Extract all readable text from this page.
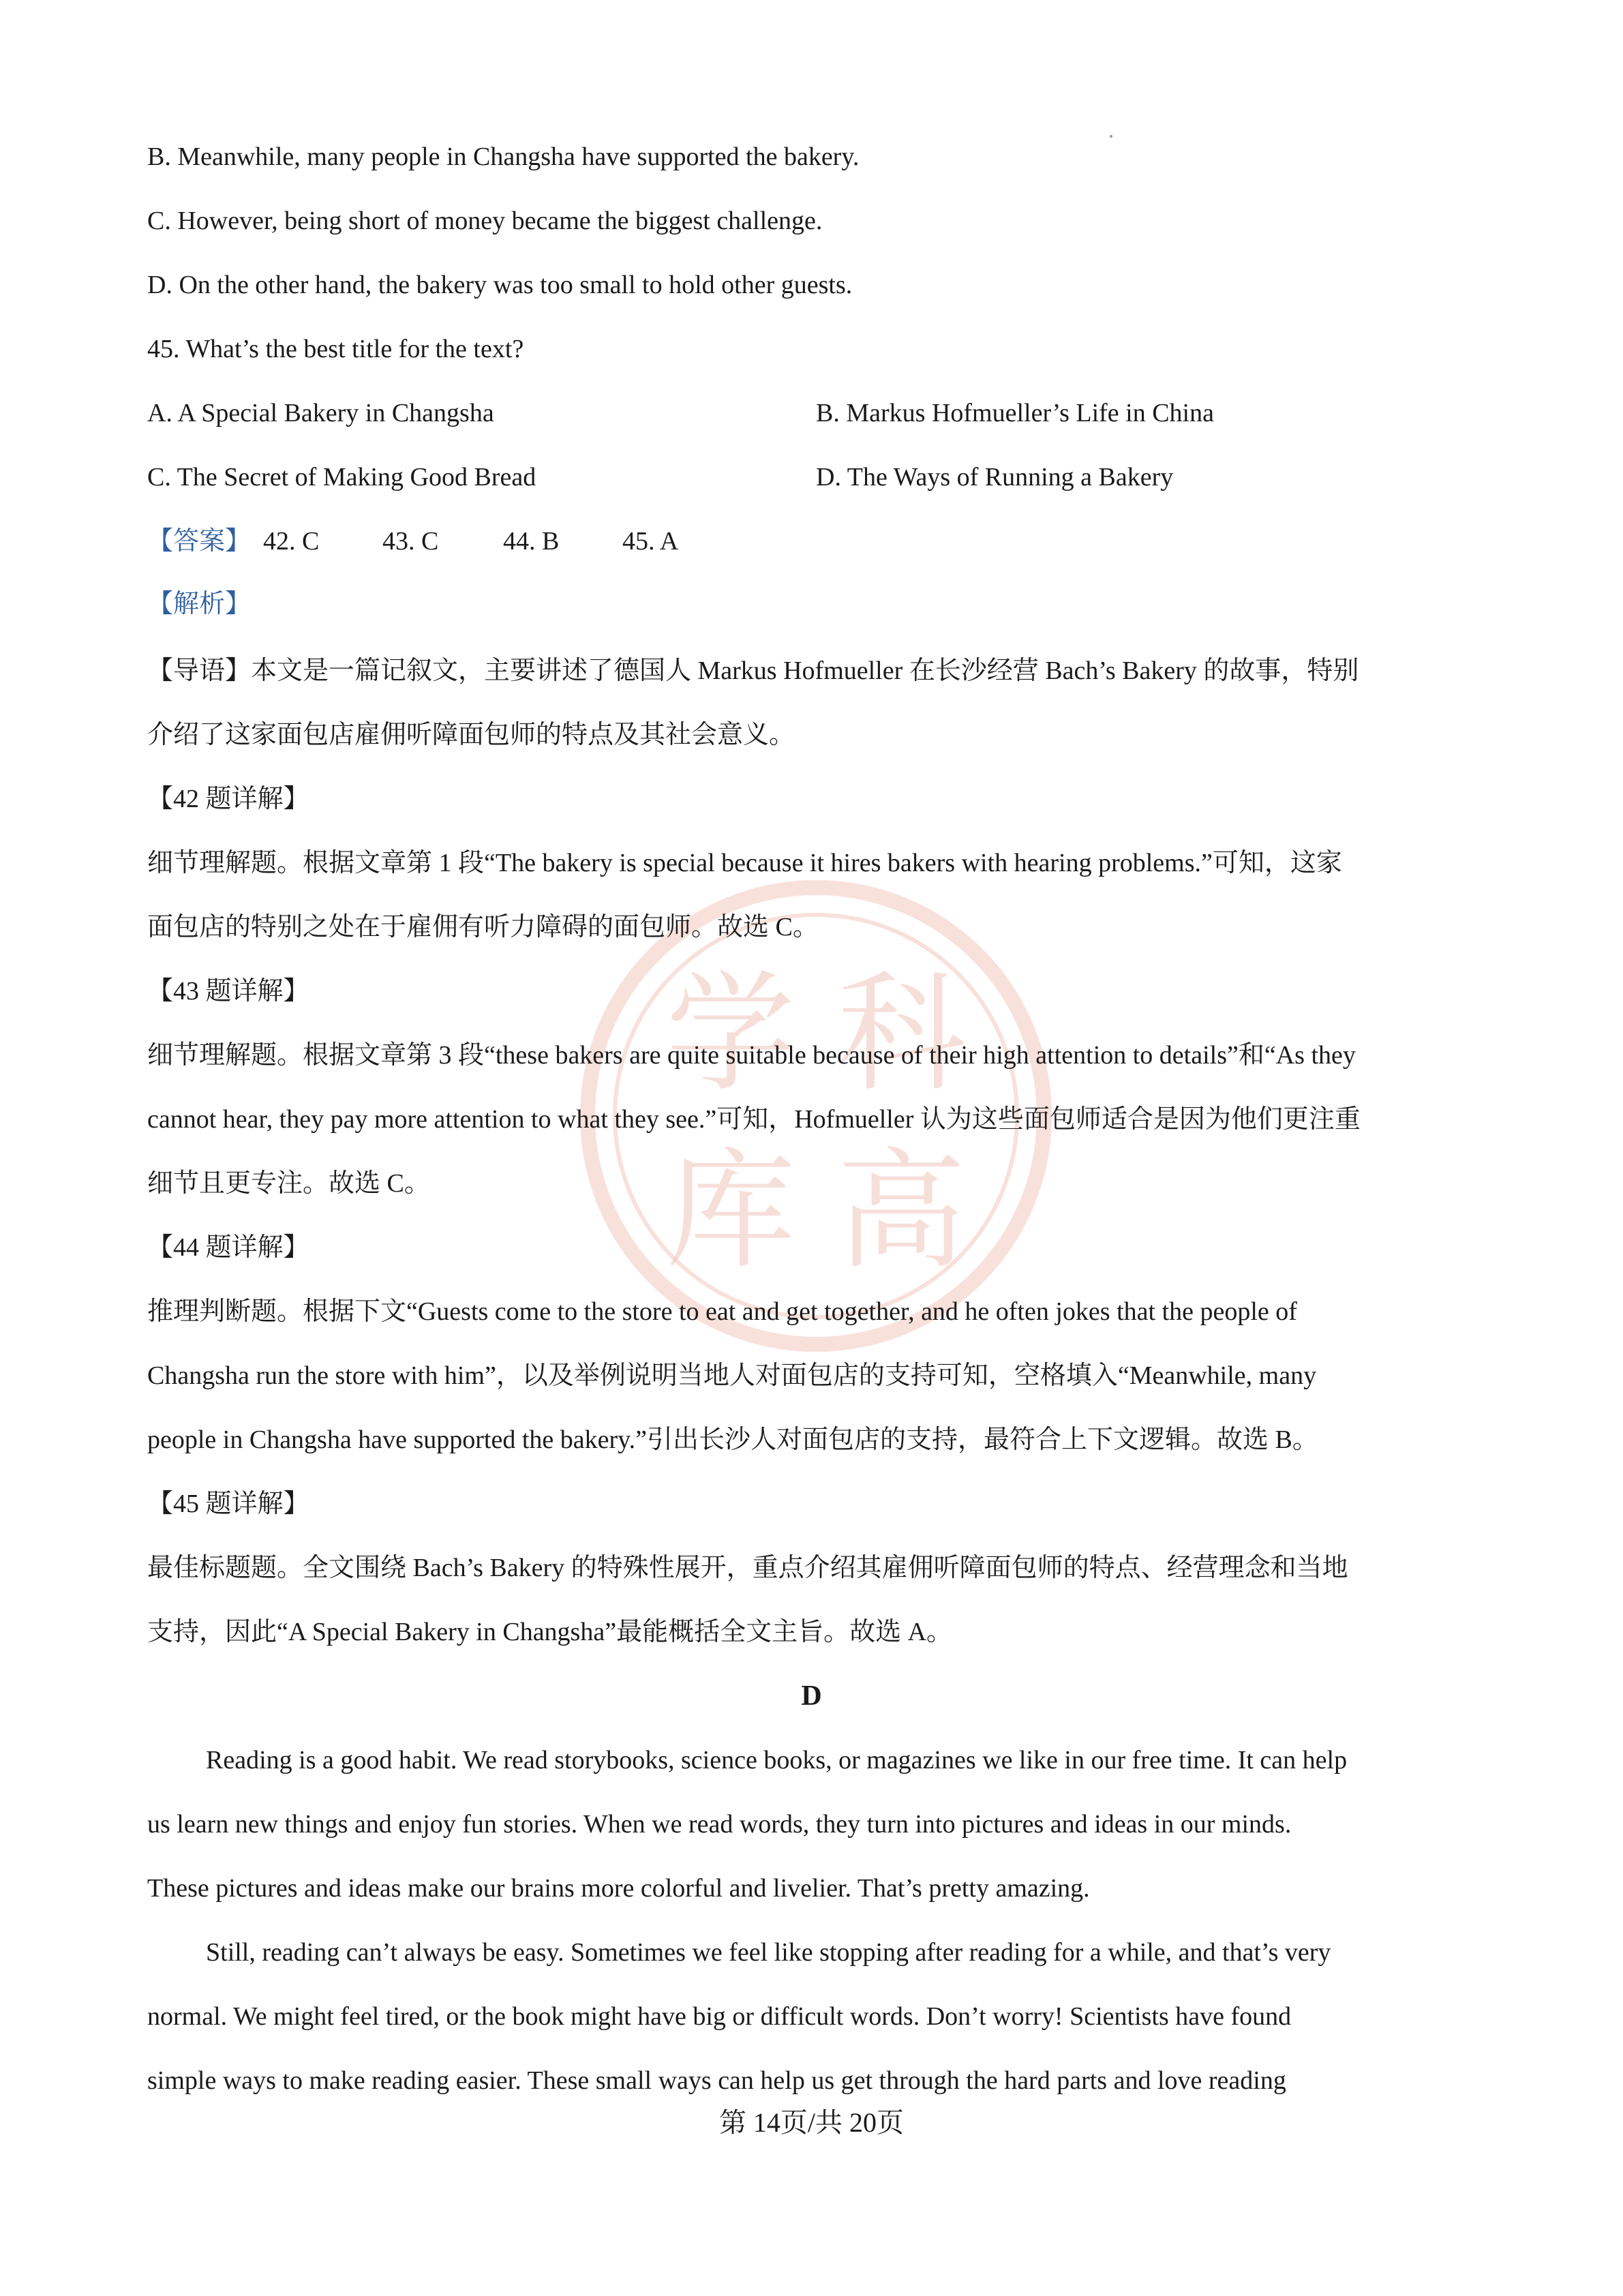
学 科
库 高

B. Meanwhile, many people in Changsha have supported the bakery.

C. However, being short of money became the biggest challenge.

D. On the other hand, the bakery was too small to hold other guests.

45. What’s the best title for the text?

A. A Special Bakery in Changsha	B. Markus Hofmueller’s Life in China

C. The Secret of Making Good Bread	D. The Ways of Running a Bakery

【答案】 42. C 43. C 44. B 45. A

【解析】

【导语】本文是一篇记叙文，主要讲述了德国人 Markus Hofmueller 在长沙经营 Bach’s Bakery 的故事，特别

介绍了这家面包店雇佣听障面包师的特点及其社会意义。

【42 题详解】

细节理解题。根据文章第 1 段“The bakery is special because it hires bakers with hearing problems.”可知，这家

面包店的特别之处在于雇佣有听力障碍的面包师。故选 C。

【43 题详解】

细节理解题。根据文章第 3 段“these bakers are quite suitable because of their high attention to details”和“As they

cannot hear, they pay more attention to what they see.”可知，Hofmueller 认为这些面包师适合是因为他们更注重

细节且更专注。故选 C。

【44 题详解】

推理判断题。根据下文“Guests come to the store to eat and get together, and he often jokes that the people of

Changsha run the store with him”，以及举例说明当地人对面包店的支持可知，空格填入“Meanwhile, many

people in Changsha have supported the bakery.”引出长沙人对面包店的支持，最符合上下文逻辑。故选 B。

【45 题详解】

最佳标题题。全文围绕 Bach’s Bakery 的特殊性展开，重点介绍其雇佣听障面包师的特点、经营理念和当地

支持，因此“A Special Bakery in Changsha”最能概括全文主旨。故选 A。

D

Reading is a good habit. We read storybooks, science books, or magazines we like in our free time. It can help

us learn new things and enjoy fun stories. When we read words, they turn into pictures and ideas in our minds.

These pictures and ideas make our brains more colorful and livelier. That’s pretty amazing.

Still, reading can’t always be easy. Sometimes we feel like stopping after reading for a while, and that’s very

normal. We might feel tired, or the book might have big or difficult words. Don’t worry! Scientists have found

simple ways to make reading easier. These small ways can help us get through the hard parts and love reading

第 14页/共 20页
